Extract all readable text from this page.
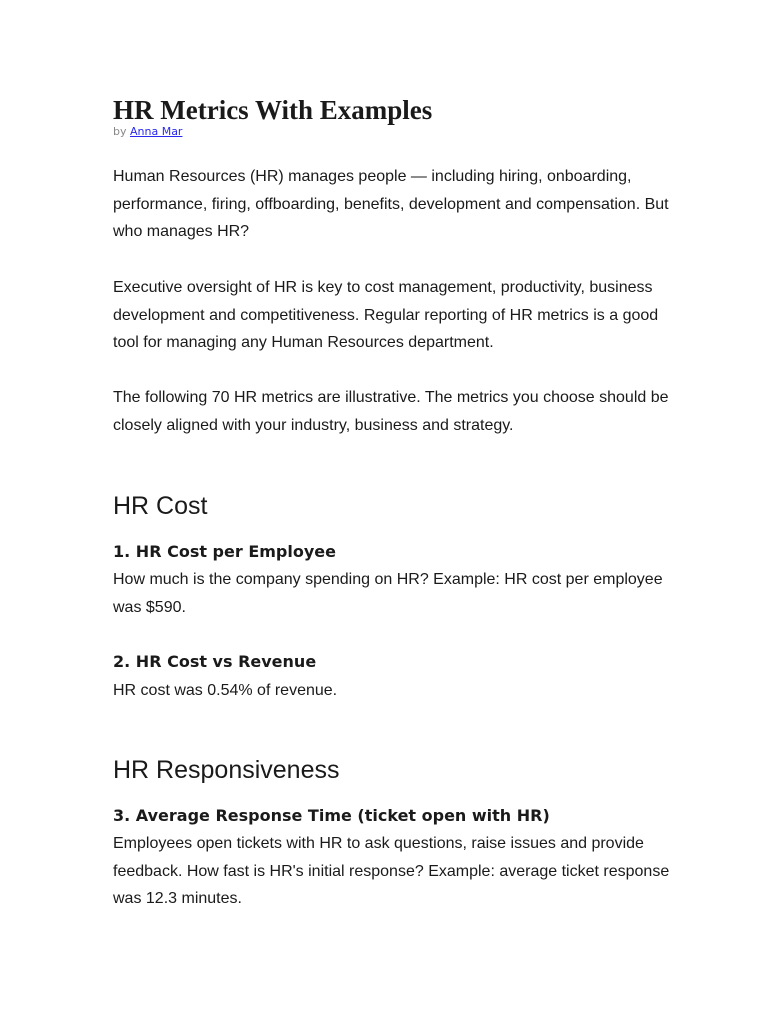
HR Metrics With Examples
by Anna Mar

Human Resources (HR) manages people — including hiring, onboarding, performance, firing, offboarding, benefits, development and compensation. But who manages HR?

Executive oversight of HR is key to cost management, productivity, business development and competitiveness. Regular reporting of HR metrics is a good tool for managing any Human Resources department.

The following 70 HR metrics are illustrative. The metrics you choose should be closely aligned with your industry, business and strategy.

HR Cost
1. HR Cost per Employee

How much is the company spending on HR? Example: HR cost per employee was $590.

2. HR Cost vs Revenue

HR cost was 0.54% of revenue.

HR Responsiveness
3. Average Response Time (ticket open with HR)

Employees open tickets with HR to ask questions, raise issues and provide feedback. How fast is HR's initial response? Example: average ticket response was 12.3 minutes.
